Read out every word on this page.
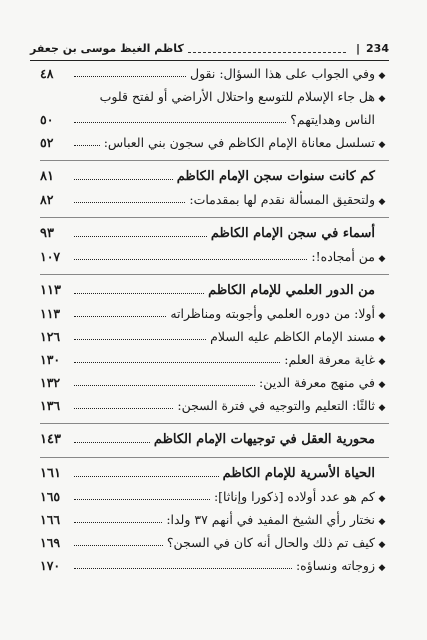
234
|
كاظم الغيظ موسى بن جعفر
◆
وفي الجواب على هذا السؤال: نقول
٤٨
◆
هل جاء الإسلام للتوسع واحتلال الأراضي أو لفتح قلوب
الناس وهدايتهم؟
٥٠
◆
تسلسل معاناة الإمام الكاظم في سجون بني العباس:
٥٢
كم كانت سنوات سجن الإمام الكاظم
٨١
◆
ولتحقيق المسألة نقدم لها بمقدمات:
٨٢
أسماء في سجن الإمام الكاظم
٩٣
◆
من أمجاده!:
١٠٧
من الدور العلمي للإمام الكاظم
١١٣
◆
أولا: من دوره العلمي وأجوبته ومناظراته
١١٣
◆
مسند الإمام الكاظم عليه السلام
١٢٦
◆
غاية معرفة العلم:
١٣٠
◆
في منهج معرفة الدين:
١٣٢
◆
ثالثًا: التعليم والتوجيه في فترة السجن:
١٣٦
محورية العقل في توجيهات الإمام الكاظم
١٤٣
الحياة الأسرية للإمام الكاظم
١٦١
◆
كم هو عدد أولاده [ذكورا وإناثا]:
١٦٥
◆
نختار رأي الشيخ المفيد في أنهم ٣٧ ولدا:
١٦٦
◆
كيف تم ذلك والحال أنه كان في السجن؟
١٦٩
◆
زوجاته ونساؤه:
١٧٠
